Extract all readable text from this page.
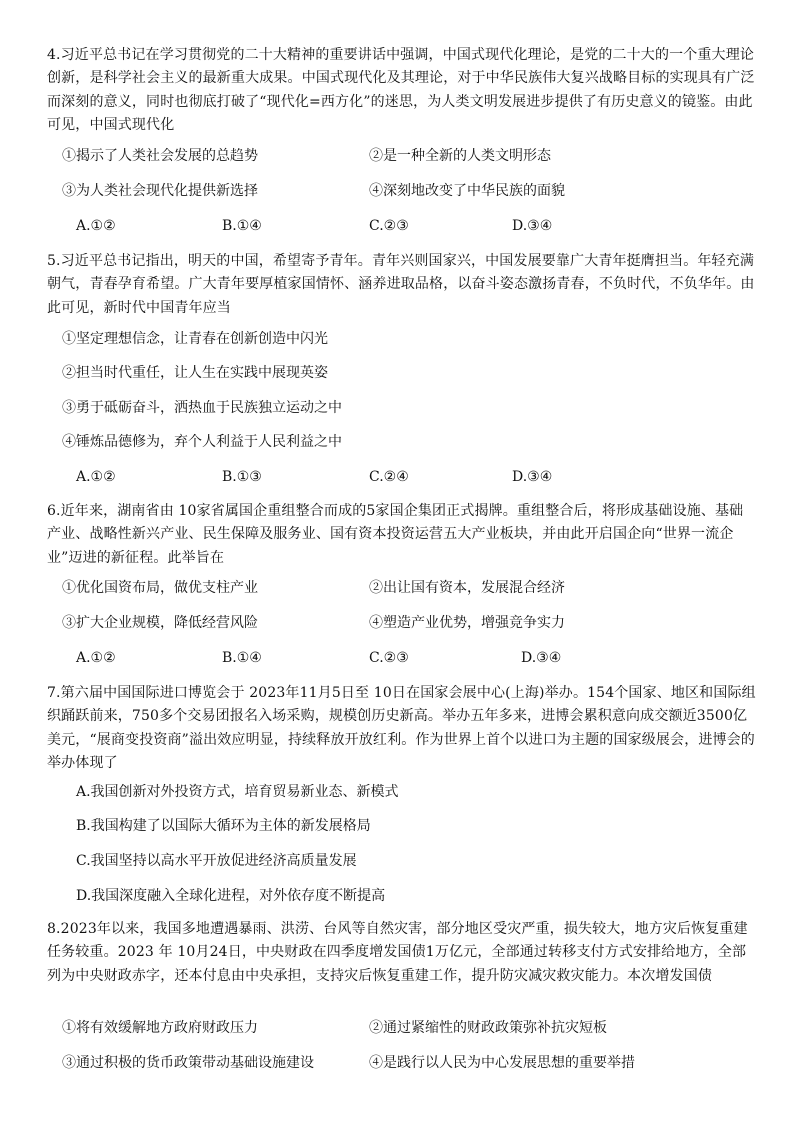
4.习近平总书记在学习贯彻党的二十大精神的重要讲话中强调，中国式现代化理论，是党的二十大的一个重大理论创新，是科学社会主义的最新重大成果。中国式现代化及其理论，对于中华民族伟大复兴战略目标的实现具有广泛而深刻的意义，同时也彻底打破了“现代化=西方化”的迷思，为人类文明发展进步提供了有历史意义的镜鉴。由此可见，中国式现代化
①揭示了人类社会发展的总趋势	②是一种全新的人类文明形态
③为人类社会现代化提供新选择	④深刻地改变了中华民族的面貌
A.①②	B.①④	C.②③	D.③④
5.习近平总书记指出，明天的中国，希望寄予青年。青年兴则国家兴，中国发展要靠广大青年挺膺担当。年轻充满朝气，青春孕育希望。广大青年要厚植家国情怀、涵养进取品格，以奋斗姿态激扬青春，不负时代，不负华年。由此可见，新时代中国青年应当
①坚定理想信念，让青春在创新创造中闪光
②担当时代重任，让人生在实践中展现英姿
③勇于砥砺奋斗，洒热血于民族独立运动之中
④锤炼品德修为，弃个人利益于人民利益之中
A.①②	B.①③	C.②④	D.③④
6.近年来，湖南省由 10家省属国企重组整合而成的5家国企集团正式揭牌。重组整合后，将形成基础设施、基础产业、战略性新兴产业、民生保障及服务业、国有资本投资运营五大产业板块，并由此开启国企向“世界一流企业”迈进的新征程。此举旨在
①优化国资布局，做优支柱产业	②出让国有资本，发展混合经济
③扩大企业规模，降低经营风险	④塑造产业优势，增强竞争实力
A.①②	B.①④	C.②③	D.③④
7.第六届中国国际进口博览会于 2023年11月5日至 10日在国家会展中心(上海)举办。154个国家、地区和国际组织踊跃前来，750多个交易团报名入场采购，规模创历史新高。举办五年多来，进博会累积意向成交额近3500亿美元，“展商变投资商”溢出效应明显，持续释放开放红利。作为世界上首个以进口为主题的国家级展会，进博会的举办体现了
A.我国创新对外投资方式，培育贸易新业态、新模式
B.我国构建了以国际大循环为主体的新发展格局
C.我国坚持以高水平开放促进经济高质量发展
D.我国深度融入全球化进程，对外依存度不断提高
8.2023年以来，我国多地遭遇暴雨、洪涝、台风等自然灾害，部分地区受灾严重，损失较大，地方灾后恢复重建任务较重。2023 年 10月24日，中央财政在四季度增发国债1万亿元，全部通过转移支付方式安排给地方，全部列为中央财政赤字，还本付息由中央承担，支持灾后恢复重建工作，提升防灾减灾救灾能力。本次增发国债
①将有效缓解地方政府财政压力	②通过紧缩性的财政政策弥补抗灾短板
③通过积极的货币政策带动基础设施建设	④是践行以人民为中心发展思想的重要举措
